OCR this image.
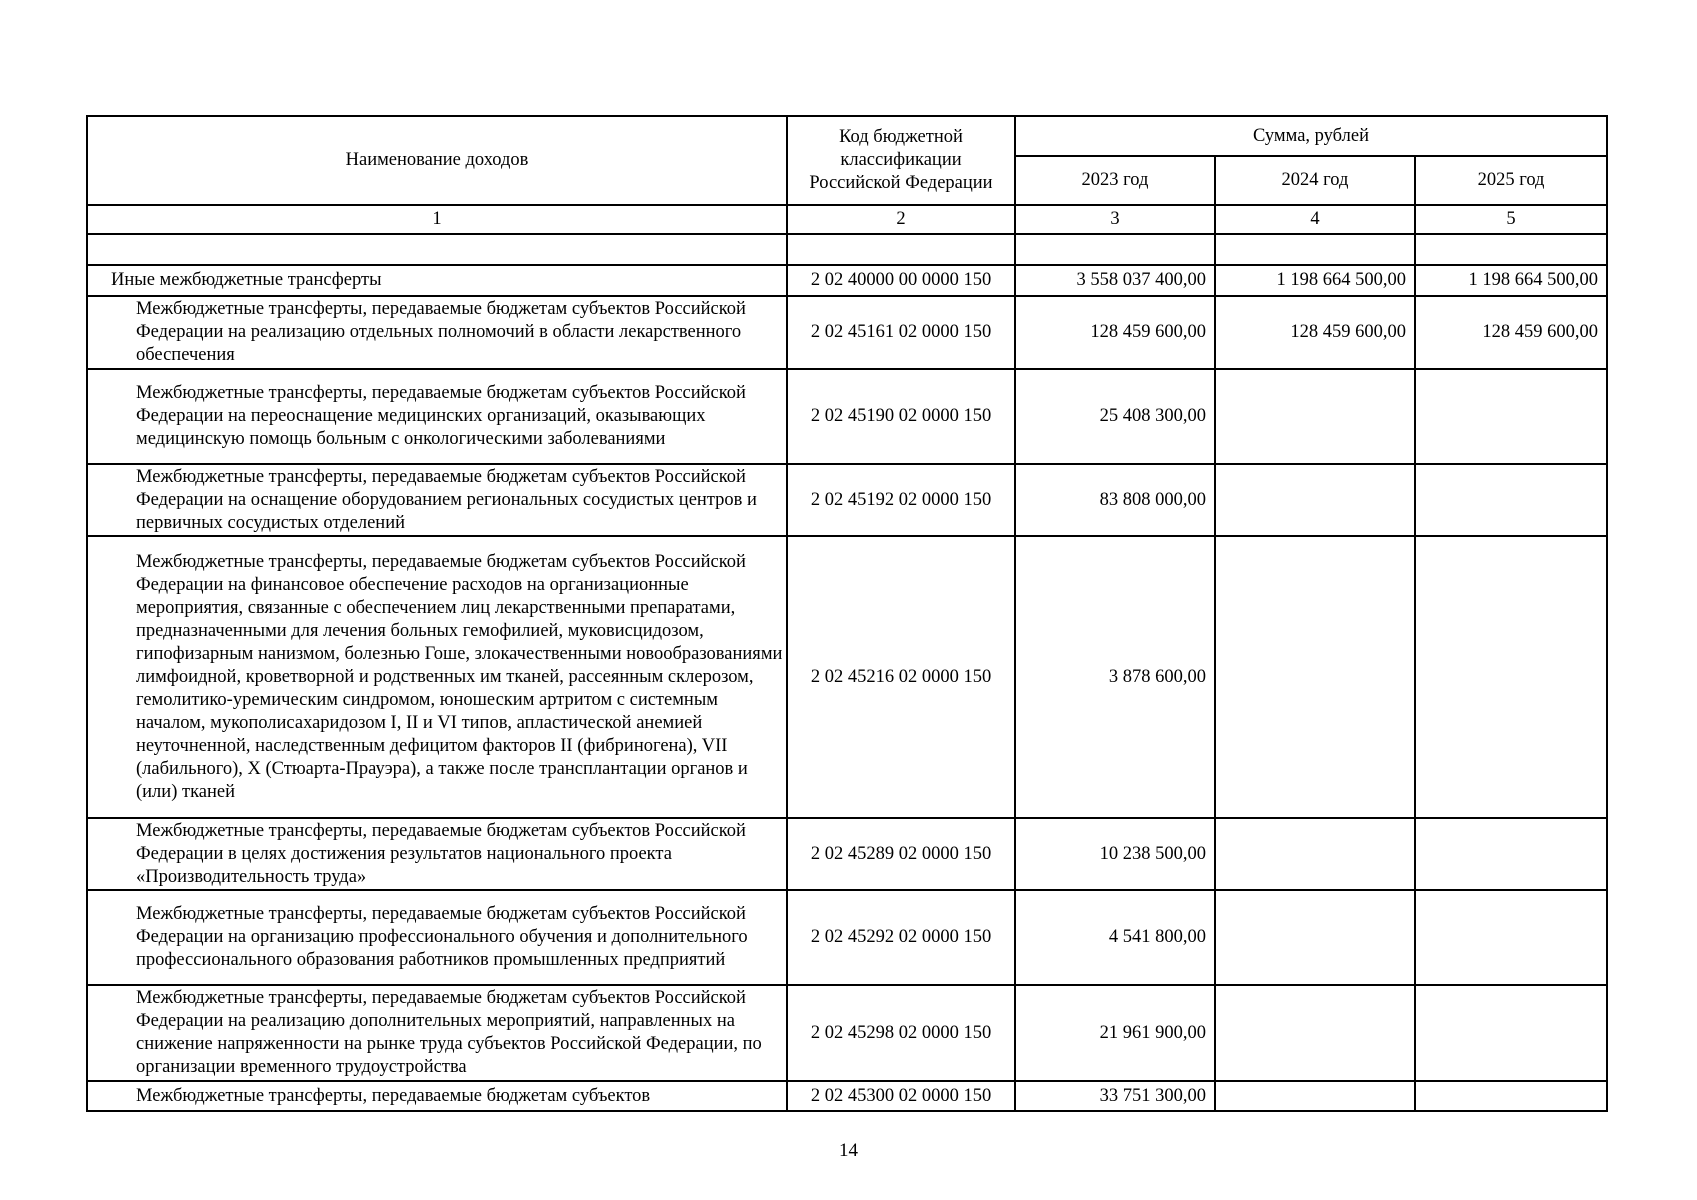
Наименование доходов	Код бюджетной классификации Российской Федерации	Сумма, рублей		
		2023 год	2024 год	2025 год
1	2	3	4	5

Иные межбюджетные трансферты	2 02 40000 00 0000 150	3 558 037 400,00	1 198 664 500,00	1 198 664 500,00
Межбюджетные трансферты, передаваемые бюджетам субъектов Российской Федерации на реализацию отдельных полномочий в области лекарственного обеспечения	2 02 45161 02 0000 150	128 459 600,00	128 459 600,00	128 459 600,00
Межбюджетные трансферты, передаваемые бюджетам субъектов Российской Федерации на переоснащение медицинских организаций, оказывающих медицинскую помощь больным с онкологическими заболеваниями	2 02 45190 02 0000 150	25 408 300,00		
Межбюджетные трансферты, передаваемые бюджетам субъектов Российской Федерации на оснащение оборудованием региональных сосудистых центров и первичных сосудистых отделений	2 02 45192 02 0000 150	83 808 000,00		
Межбюджетные трансферты, передаваемые бюджетам субъектов Российской Федерации на финансовое обеспечение расходов на организационные мероприятия, связанные с обеспечением лиц лекарственными препаратами, предназначенными для лечения больных гемофилией, муковисцидозом, гипофизарным нанизмом, болезнью Гоше, злокачественными новообразованиями лимфоидной, кроветворной и родственных им тканей, рассеянным склерозом, гемолитико-уремическим синдромом, юношеским артритом с системным началом, мукополисахаридозом I, II и VI типов, апластической анемией неуточненной, наследственным дефицитом факторов II (фибриногена), VII (лабильного), X (Стюарта-Прауэра), а также после трансплантации органов и (или) тканей	2 02 45216 02 0000 150	3 878 600,00		
Межбюджетные трансферты, передаваемые бюджетам субъектов Российской Федерации в целях достижения результатов национального проекта «Производительность труда»	2 02 45289 02 0000 150	10 238 500,00		
Межбюджетные трансферты, передаваемые бюджетам субъектов Российской Федерации на организацию профессионального обучения и дополнительного профессионального образования работников промышленных предприятий	2 02 45292 02 0000 150	4 541 800,00		
Межбюджетные трансферты, передаваемые бюджетам субъектов Российской Федерации на реализацию дополнительных мероприятий, направленных на снижение напряженности на рынке труда субъектов Российской Федерации, по организации временного трудоустройства	2 02 45298 02 0000 150	21 961 900,00		
Межбюджетные трансферты, передаваемые бюджетам субъектов	2 02 45300 02 0000 150	33 751 300,00		
14
